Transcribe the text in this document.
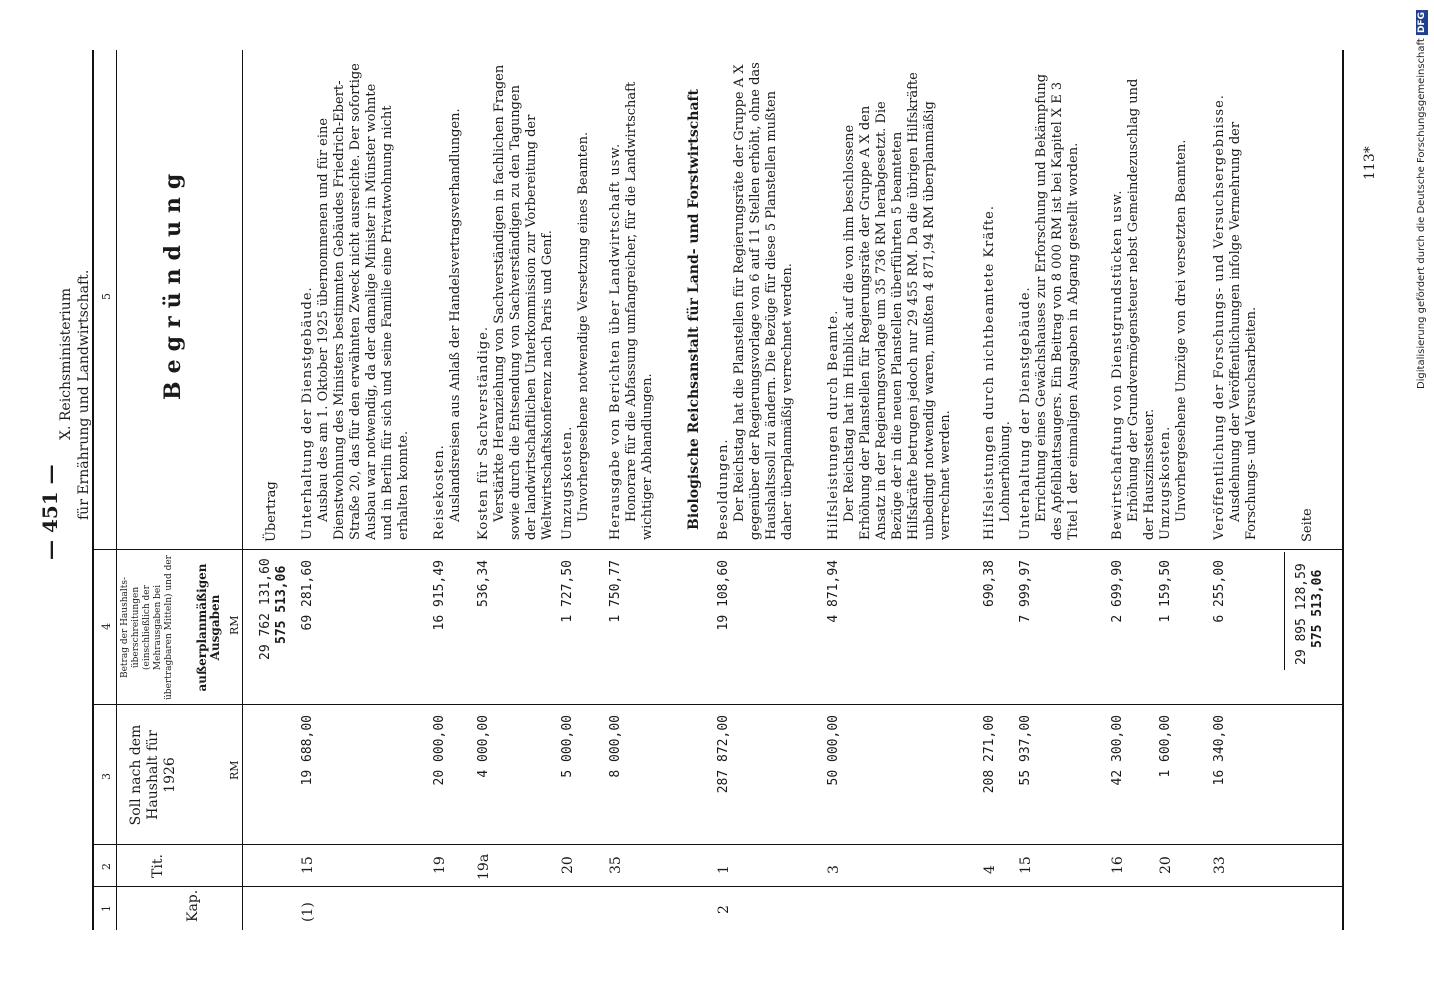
— 451 —
X. Reichsministerium für Ernährung und Landwirtschaft.
1
2
3
4
5
Kap.
Tit.
Soll nach dem Haushalt für 1926	RM
Betrag der Haushalts-überschreitungen (einschließlich der Mehrausgaben bei übertragbaren Mitteln) und der außerplanmäßigen Ausgaben RM
Begründung
29 762 131,60 575 513,06
Übertrag
(1)
15
19 688,00
69 281,60
Unterhaltung der Dienstgebäude. Ausbau des am 1. Oktober 1925 übernommenen und für eine Dienstwohnung des Ministers bestimmten Gebäudes Friedrich-Ebert-Straße 20, das für den erwähnten Zweck nicht ausreichte. Der sofortige Ausbau war notwendig, da der damalige Minister in Münster wohnte und in Berlin für sich und seine Familie eine Privatwohnung nicht erhalten konnte.
19
20 000,00
16 915,49
Reisekosten. Auslandsreisen aus Anlaß der Handelsvertragsverhandlungen.
19a
4 000,00
536,34
Kosten für Sachverständige. Verstärkte Heranziehung von Sachverständigen in fachlichen Fragen sowie durch die Entsendung von Sachverständigen zu den Tagungen der landwirtschaftlichen Unterkommission zur Vorbereitung der Weltwirtschaftskonferenz nach Paris und Genf.
20
5 000,00
1 727,50
Umzugskosten. Unvorhergesehene notwendige Versetzung eines Beamten.
35
8 000,00
1 750,77
Herausgabe von Berichten über Landwirtschaft usw. Honorare für die Abfassung umfangreicher, für die Landwirtschaft wichtiger Abhandlungen.
2
1
287 872,00
19 108,60
Biologische Reichsanstalt für Land- und Forstwirtschaft Besoldungen. Der Reichstag hat die Planstellen für Regierungsräte der Gruppe A X gegenüber der Regierungsvorlage von 6 auf 11 Stellen erhöht, ohne das Haushaltssoll zu ändern. Die Bezüge für diese 5 Planstellen mußten daher überplanmäßig verrechnet werden.
3
50 000,00
4 871,94
Hilfsleistungen durch Beamte. Der Reichstag hat im Hinblick auf die von ihm beschlossene Erhöhung der Planstellen für Regierungsräte der Gruppe A X den Ansatz in der Regierungsvorlage um 35 736 RM herabgesetzt. Die Bezüge der in die neuen Planstellen überführten 5 beamteten Hilfskräfte betrugen jedoch nur 29 455 RM. Da die übrigen Hilfskräfte unbedingt notwendig waren, mußten 4 871,94 RM überplanmäßig verrechnet werden.
4
208 271,00
690,38
Hilfsleistungen durch nichtbeamtete Kräfte. Lohnerhöhung.
15
55 937,00
7 999,97
Unterhaltung der Dienstgebäude. Errichtung eines Gewächshauses zur Erforschung und Bekämpfung des Apfelblattsaugers. Ein Beitrag von 8 000 RM ist bei Kapitel X E 3 Titel 1 der einmaligen Ausgaben in Abgang gestellt worden.
16
42 300,00
2 699,90
Bewirtschaftung von Dienstgrundstücken usw. Erhöhung der Grundvermögensteuer nebst Gemeindezuschlag und der Hauszinssteuer.
20
1 600,00
1 159,50
Umzugskosten. Unvorhergesehene Umzüge von drei versetzten Beamten.
33
16 340,00
6 255,00
Veröffentlichung der Forschungs- und Versuchsergebnisse. Ausdehnung der Veröffentlichungen infolge Vermehrung der Forschungs- und Versuchsarbeiten.
29 895 128,59 575 513,06
Seite
113*	Digitalisierung gefördert durch die Deutsche Forschungsgemeinschaft DFG
